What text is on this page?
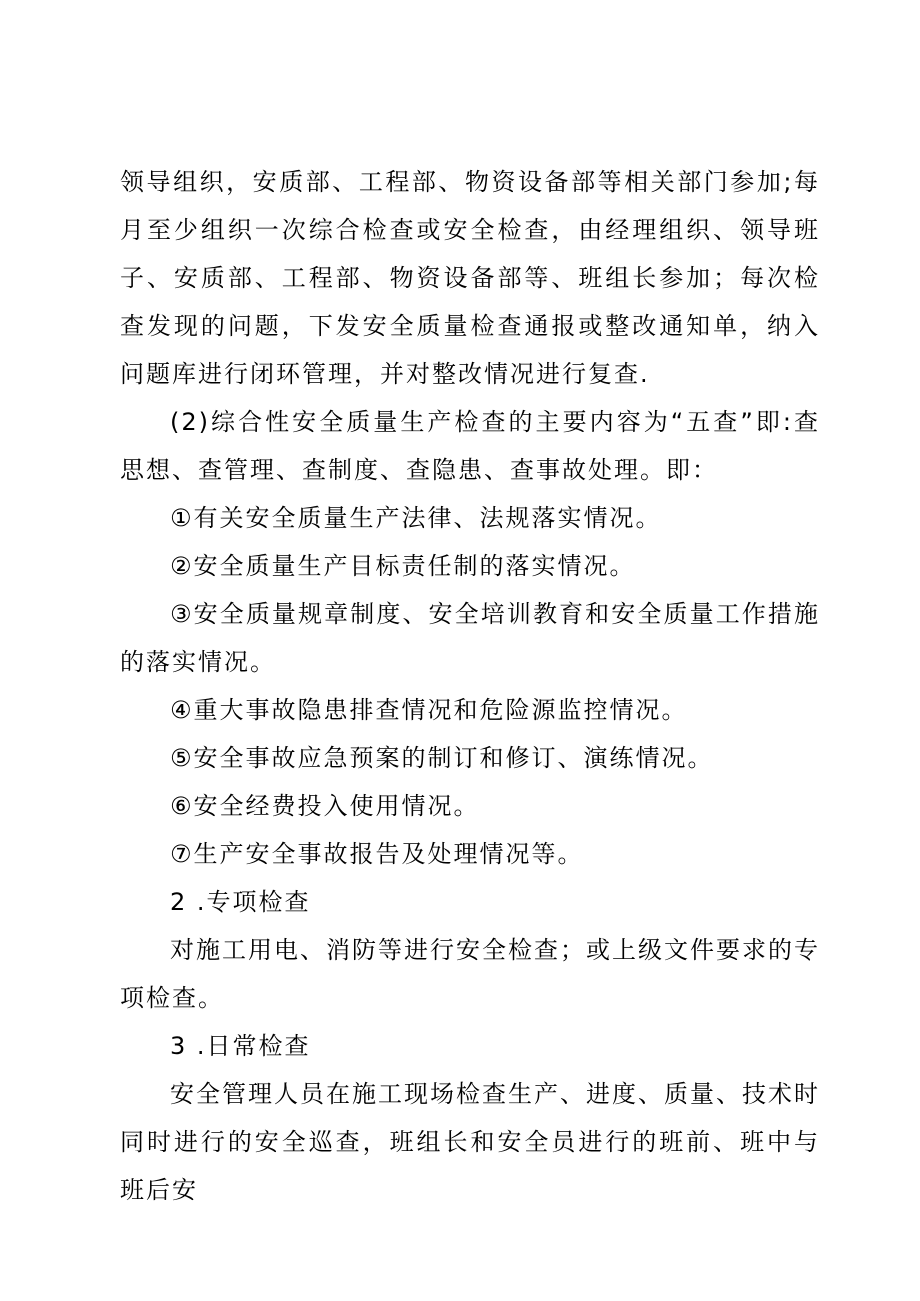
领导组织，安质部、工程部、物资设备部等相关部门参加;每月至少组织一次综合检查或安全检查，由经理组织、领导班子、安质部、工程部、物资设备部等、班组长参加；每次检查发现的问题，下发安全质量检查通报或整改通知单，纳入问题库进行闭环管理，并对整改情况进行复查.

(2)综合性安全质量生产检查的主要内容为“五查”即:查思想、查管理、查制度、查隐患、查事故处理。即：

①有关安全质量生产法律、法规落实情况。

②安全质量生产目标责任制的落实情况。

③安全质量规章制度、安全培训教育和安全质量工作措施的落实情况。

④重大事故隐患排查情况和危险源监控情况。

⑤安全事故应急预案的制订和修订、演练情况。

⑥安全经费投入使用情况。

⑦生产安全事故报告及处理情况等。

2 .专项检查

对施工用电、消防等进行安全检查；或上级文件要求的专项检查。

3 .日常检查

安全管理人员在施工现场检查生产、进度、质量、技术时同时进行的安全巡查，班组长和安全员进行的班前、班中与班后安
